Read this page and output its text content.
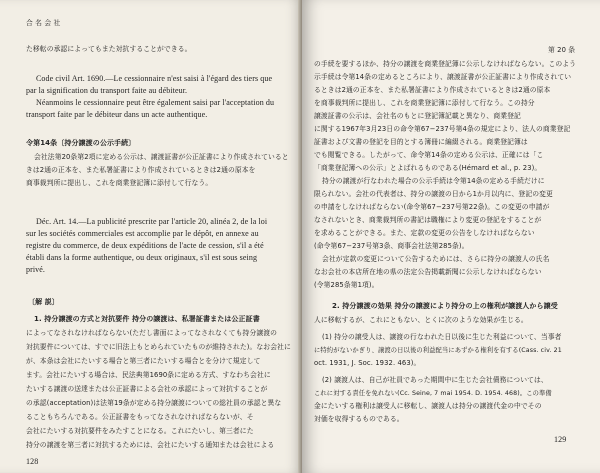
合 名 会 社
た移転の承認によってもまた対抗することができる。
Code civil Art. 1690.—Le cessionnaire n'est saisi à l'égard des tiers que
par la signification du transport faite au débiteur.
Néanmoins le cessionnaire peut être également saisi par l'acceptation du
transport faite par le débiteur dans un acte authentique.
令第14条〔持分譲渡の公示手続〕
会社法第20条第2項に定める公示は、譲渡証書が公正証書により作成されていると
きは2通の正本を、また私署証書により作成されているときは2通の原本を
商事裁判所に提出し、これを商業登記簿に添付して行なう。
Déc. Art. 14.—La publicité prescrite par l'article 20, alinéa 2, de la loi
sur les sociétés commerciales est accomplie par le dépôt, en annexe au
registre du commerce, de deux expéditions de l'acte de cession, s'il a été
établi dans la forme authentique, ou deux originaux, s'il est sous seing
privé.
〔解 説〕
1. 持分譲渡の方式と対抗要件 持分の譲渡は、私署証書または公正証書
によってなされなければならない(ただし書面によってなされなくても持分譲渡の
対抗要件については、すでに旧法上もとめられていたものが維持された)。なお会社に
が、本条は会社にたいする場合と第三者にたいする場合とを分けて規定して
ます。会社にたいする場合は、民法典第1690条に定める方式、すなわち会社に
たいする譲渡の送達または公正証書による会社の承認によって対抗することが
の承認(acceptation)は法第19条が定める持分譲渡についての総社員の承認と異な
ることもちろんである。公正証書をもってなされなければならないが、そ
会社にたいする対抗要件をみたすことになる。これにたいし、第三者にた
持分の譲渡を第三者に対抗するためには、会社にたいする通知または会社による
128
第 20 条
の手続を要するほか、持分の譲渡を商業登記簿に公示しなければならない。このよう
示手続は令第14条の定めるところにより、譲渡証書が公正証書により作成されてい
るときは2通の正本を、また私署証書により作成されているときは2通の原本
を商事裁判所に提出し、これを商業登記簿に添付して行なう。この持分
譲渡証書の公示は、会社名のもとに登記簿記載と異なり、商業登記
に関する1967年3月23日の命令第67−237号第4条の規定により、法人の商業登記
証書および文書の登記を目的とする簿冊に編綴される。商業登記簿は
でも閲覧できる。したがって、命令第14条の定める公示は、正確には「こ
「商業登記簿への公示」とよばれるものである(Hémard et al., p. 23)。
持分の譲渡が行なわれた場合の公示手続は令第14条の定める手続だけに
限られない。会社の代表者は、持分の譲渡の日から1か月以内に、登記の変更
の申請をしなければならない(命令第67−237号第22条)。この変更の申請が
なされないとき、商業裁判所の書記は職権により変更の登記をすることが
を求めることができる。また、定款の変更の公告をしなければならない
(命令第67−237号第3条、商事会社法第285条)。
会社が定款の変更について公告するためには、さらに持分の譲渡人の氏名
なお会社の本店所在地の県の法定公告掲載新聞に公示しなければならない
(令第285条第1項)。
2. 持分譲渡の効果 持分の譲渡により持分の上の権利が譲渡人から譲受
人に移転するが、これにともない、とくに次のような効果が生じる。
(1) 持分の譲受人は、譲渡の行なわれた日以後に生じた利益について、当事者
に特約がないかぎり、譲渡の日以後の利益配当にあずかる権利を有する(Cass. civ. 21
oct. 1931, J. Soc. 1932. 463)。
(2) 譲渡人は、自己が社員であった期間中に生じた会社債務については、
これに対する責任を免れない(Cc. Seine, 7 mai 1954. D. 1954. 468)。この準備
金にたいする権利は譲受人に移転し、譲渡人は持分の譲渡代金の中でその
対価を収得するものである。
129
